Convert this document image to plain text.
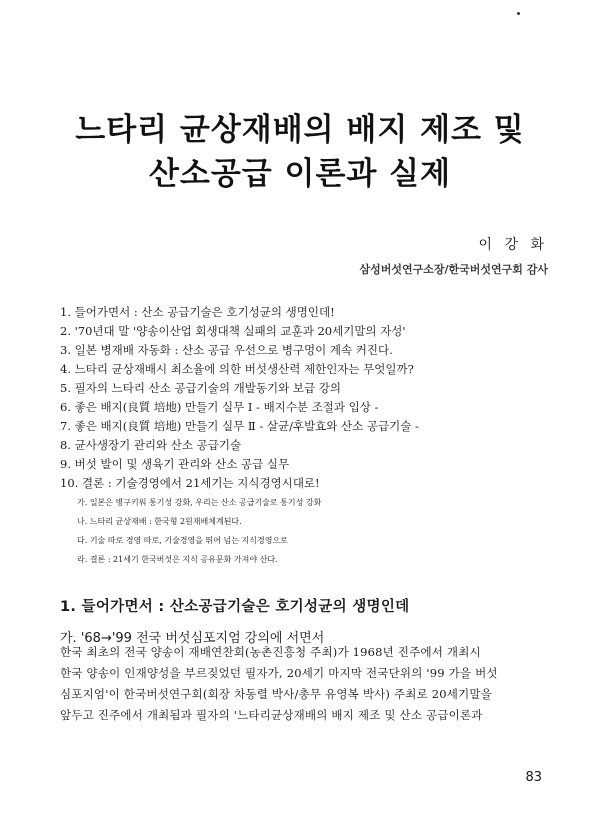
느타리 균상재배의 배지 제조 및
산소공급 이론과 실제
이 강 화
삼성버섯연구소장/한국버섯연구회 감사
1. 들어가면서 : 산소 공급기술은 호기성균의 생명인데!
2. '70년대 말 '양송이산업 회생대책 실패의 교훈과 20세기말의 자성'
3. 일본 병재배 자동화 : 산소 공급 우선으로 병구멍이 계속 커진다.
4. 느타리 균상재배시 최소율에 의한 버섯생산력 제한인자는 무엇일까?
5. 필자의 느타리 산소 공급기술의 개발동기와 보급 강의
6. 좋은 배지(良質 培地) 만들기 실무 Ⅰ - 배지수분 조절과 입상 -
7. 좋은 배지(良質 培地) 만들기 실무 Ⅱ - 살균/후발효와 산소 공급기술 -
8. 균사생장기 관리와 산소 공급기술
9. 버섯 발이 및 생육기 관리와 산소 공급 실무
10. 결론 : 기술경영에서 21세기는 지식경영시대로!
가. 일본은 병구키워 통기성 강화, 우리는 산소 공급기술로 통기성 강화
나. 느타리 균상재배 : 한국형 2원재배체계된다.
다. 기술 따로 경영 따로, 기술경영을 뛰어 넘는 지식경영으로
라. 결론 : 21세기 한국버섯은 지식 공유문화 가져야 산다.
1. 들어가면서 : 산소공급기술은 호기성균의 생명인데
가. '68→'99 전국 버섯심포지엄 강의에 서면서
한국 최초의 전국 양송이 재배연찬회(농촌진흥청 주최)가 1968년 진주에서 개최시
한국 양송이 인재양성을 부르짖었던 필자가, 20세기 마지막 전국단위의 '99 가을 버섯
심포지엄'이 한국버섯연구회(회장 차동렬 박사/총무 유영복 박사) 주최로 20세기말을
앞두고 진주에서 개최됨과 필자의 '느타리균상재배의 배지 제조 및 산소 공급이론과
83
